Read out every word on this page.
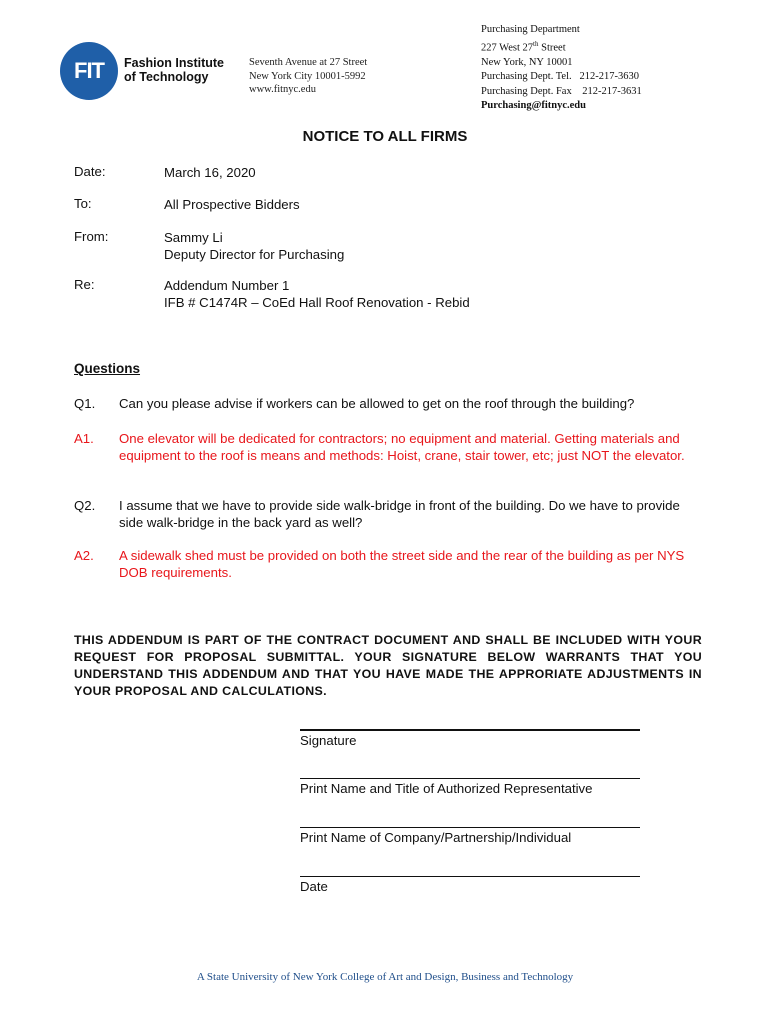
FIT Fashion Institute
of Technology
Seventh Avenue at 27 Street
New York City 10001-5992
www.fitnyc.edu
Purchasing Department
227 West 27th Street
New York, NY 10001
Purchasing Dept. Tel.   212-217-3630
Purchasing Dept. Fax    212-217-3631
Purchasing@fitnyc.edu
NOTICE TO ALL FIRMS
Date:	March 16, 2020
To:	All Prospective Bidders
From:	Sammy Li
Deputy Director for Purchasing
Re:	Addendum Number 1
IFB # C1474R – CoEd Hall Roof Renovation - Rebid
Questions
Q1. Can you please advise if workers can be allowed to get on the roof through the building?
A1. One elevator will be dedicated for contractors; no equipment and material. Getting materials and equipment to the roof is means and methods: Hoist, crane, stair tower, etc; just NOT the elevator.
Q2. I assume that we have to provide side walk-bridge in front of the building. Do we have to provide side walk-bridge in the back yard as well?
A2. A sidewalk shed must be provided on both the street side and the rear of the building as per NYS DOB requirements.
THIS ADDENDUM IS PART OF THE CONTRACT DOCUMENT AND SHALL BE INCLUDED WITH YOUR REQUEST FOR PROPOSAL SUBMITTAL. YOUR SIGNATURE BELOW WARRANTS THAT YOU UNDERSTAND THIS ADDENDUM AND THAT YOU HAVE MADE THE APPRORIATE ADJUSTMENTS IN YOUR PROPOSAL AND CALCULATIONS.
Signature
Print Name and Title of Authorized Representative
Print Name of Company/Partnership/Individual
Date
A State University of New York College of Art and Design, Business and Technology
